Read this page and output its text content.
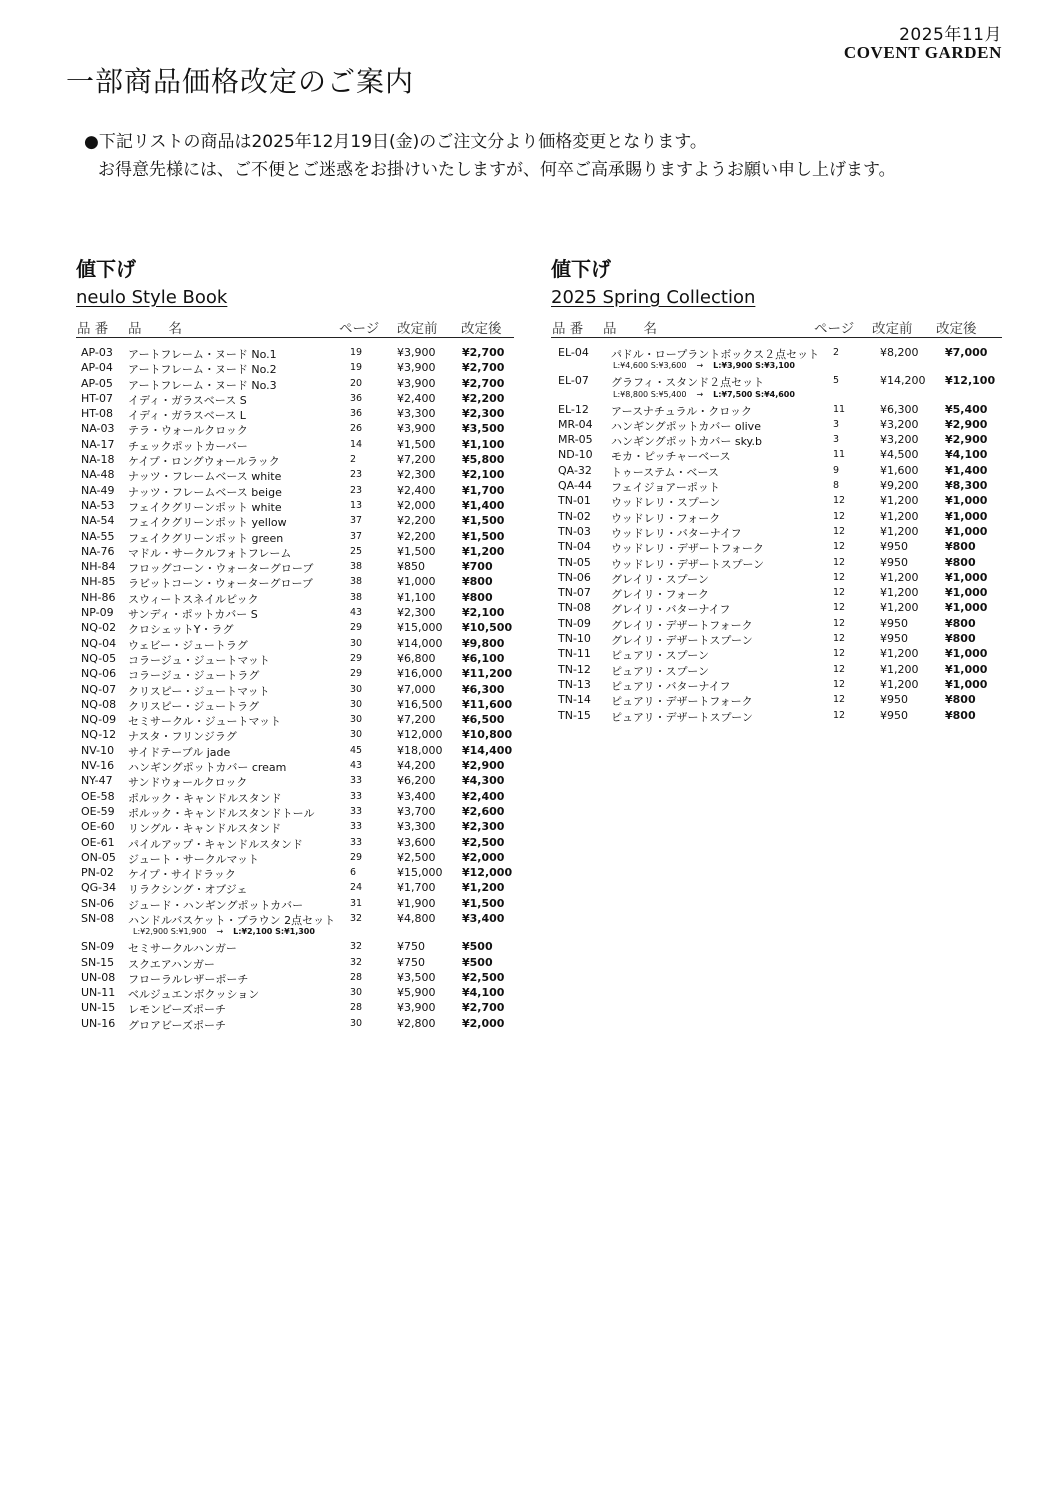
2025年11月
COVENT GARDEN
一部商品価格改定のご案内
●下記リストの商品は2025年12月19日(金)のご注文分より価格変更となります。
お得意先様には、ご不便とご迷惑をお掛けいたしますが、何卒ご高承賜りますようお願い申し上げます。
値下げ
neulo Style Book
品 番 品　　名	ページ 改定前 改定後
AP-03 アートフレーム・ヌード No.1	19	¥3,900 ¥2,700
AP-04 アートフレーム・ヌード No.2	19	¥3,900 ¥2,700
AP-05 アートフレーム・ヌード No.3	20	¥3,900 ¥2,700
HT-07 イディ・ガラスベース S	36	¥2,400 ¥2,200
HT-08 イディ・ガラスベース L	36	¥3,300 ¥2,300
NA-03 テラ・ウォールクロック	26	¥3,900 ¥3,500
NA-17 チェックポットカーバー	14	¥1,500 ¥1,100
NA-18 ケイプ・ロングウォールラック	2	¥7,200 ¥5,800
NA-48 ナッツ・フレームベース white	23	¥2,300 ¥2,100
NA-49 ナッツ・フレームベース beige	23	¥2,400 ¥1,700
NA-53 フェイクグリーンポット white	13	¥2,000 ¥1,400
NA-54 フェイクグリーンポット yellow	37	¥2,200 ¥1,500
NA-55 フェイクグリーンポット green	37	¥2,200 ¥1,500
NA-76 マドル・サークルフォトフレーム	25	¥1,500 ¥1,200
NH-84 フロッグコーン・ウォーターグローブ	38	¥850	¥700
NH-85 ラビットコーン・ウォーターグローブ	38	¥1,000 ¥800
NH-86 スウィートスネイルピック	38	¥1,100 ¥800
NP-09 サンディ・ポットカバー S	43	¥2,300 ¥2,100
NQ-02 クロシェットY・ラグ	29	¥15,000 ¥10,500
NQ-04 ウェビー・ジュートラグ	30	¥14,000 ¥9,800
NQ-05 コラージュ・ジュートマット	29	¥6,800 ¥6,100
NQ-06 コラージュ・ジュートラグ	29	¥16,000 ¥11,200
NQ-07 クリスピー・ジュートマット	30	¥7,000 ¥6,300
NQ-08 クリスピー・ジュートラグ	30	¥16,500 ¥11,600
NQ-09 セミサークル・ジュートマット	30	¥7,200 ¥6,500
NQ-12 ナスタ・フリンジラグ	30	¥12,000 ¥10,800
NV-10 サイドテーブル jade	45	¥18,000 ¥14,400
NV-16 ハンギングポットカバー cream	43	¥4,200 ¥2,900
NY-47 サンドウォールクロック	33	¥6,200 ¥4,300
OE-58 ポルック・キャンドルスタンド	33	¥3,400 ¥2,400
OE-59 ポルック・キャンドルスタンドトール	33	¥3,700 ¥2,600
OE-60 リングル・キャンドルスタンド	33	¥3,300 ¥2,300
OE-61 パイルアップ・キャンドルスタンド	33	¥3,600 ¥2,500
ON-05 ジュート・サークルマット	29	¥2,500 ¥2,000
PN-02 ケイプ・サイドラック	6	¥15,000 ¥12,000
QG-34 リラクシング・オブジェ	24	¥1,700 ¥1,200
SN-06 ジュード・ハンギングポットカバー	31	¥1,900 ¥1,500
SN-08 ハンドルバスケット・ブラウン 2点セット 32	¥4,800 ¥3,400
L:¥2,900 S:¥1,900 → L:¥2,100 S:¥1,300
SN-09 セミサークルハンガー	32	¥750	¥500
SN-15 スクエアハンガー	32	¥750	¥500
UN-08 フローラルレザーポーチ	28	¥3,500 ¥2,500
UN-11 ベルジュエンボクッション	30	¥5,900 ¥4,100
UN-15 レモンビーズポーチ	28	¥3,900 ¥2,700
UN-16 グロアビーズポーチ	30	¥2,800 ¥2,000
値下げ
2025 Spring Collection
品 番 品　　名	ページ 改定前 改定後
EL-04 パドル・ロープラントボックス２点セット 2	¥8,200 ¥7,000
L:¥4,600 S:¥3,600 → L:¥3,900 S:¥3,100
EL-07 グラフィ・スタンド２点セット	5	¥14,200 ¥12,100
L:¥8,800 S:¥5,400 → L:¥7,500 S:¥4,600
EL-12 アースナチュラル・クロック	11	¥6,300 ¥5,400
MR-04 ハンギングポットカバー olive	3	¥3,200 ¥2,900
MR-05 ハンギングポットカバー sky.b	3	¥3,200 ¥2,900
ND-10 モカ・ピッチャーベース	11	¥4,500 ¥4,100
QA-32 トゥーステム・ベース	9	¥1,600 ¥1,400
QA-44 フェイジョアーポット	8	¥9,200 ¥8,300
TN-01 ウッドレリ・スプーン	12	¥1,200 ¥1,000
TN-02 ウッドレリ・フォーク	12	¥1,200 ¥1,000
TN-03 ウッドレリ・バターナイフ	12	¥1,200 ¥1,000
TN-04 ウッドレリ・デザートフォーク	12	¥950	¥800
TN-05 ウッドレリ・デザートスプーン	12	¥950	¥800
TN-06 グレイリ・スプーン	12	¥1,200 ¥1,000
TN-07 グレイリ・フォーク	12	¥1,200 ¥1,000
TN-08 グレイリ・バターナイフ	12	¥1,200 ¥1,000
TN-09 グレイリ・デザートフォーク	12	¥950	¥800
TN-10 グレイリ・デザートスプーン	12	¥950	¥800
TN-11 ピュアリ・スプーン	12	¥1,200 ¥1,000
TN-12 ピュアリ・スプーン	12	¥1,200 ¥1,000
TN-13 ピュアリ・バターナイフ	12	¥1,200 ¥1,000
TN-14 ピュアリ・デザートフォーク	12	¥950	¥800
TN-15 ピュアリ・デザートスプーン	12	¥950	¥800
